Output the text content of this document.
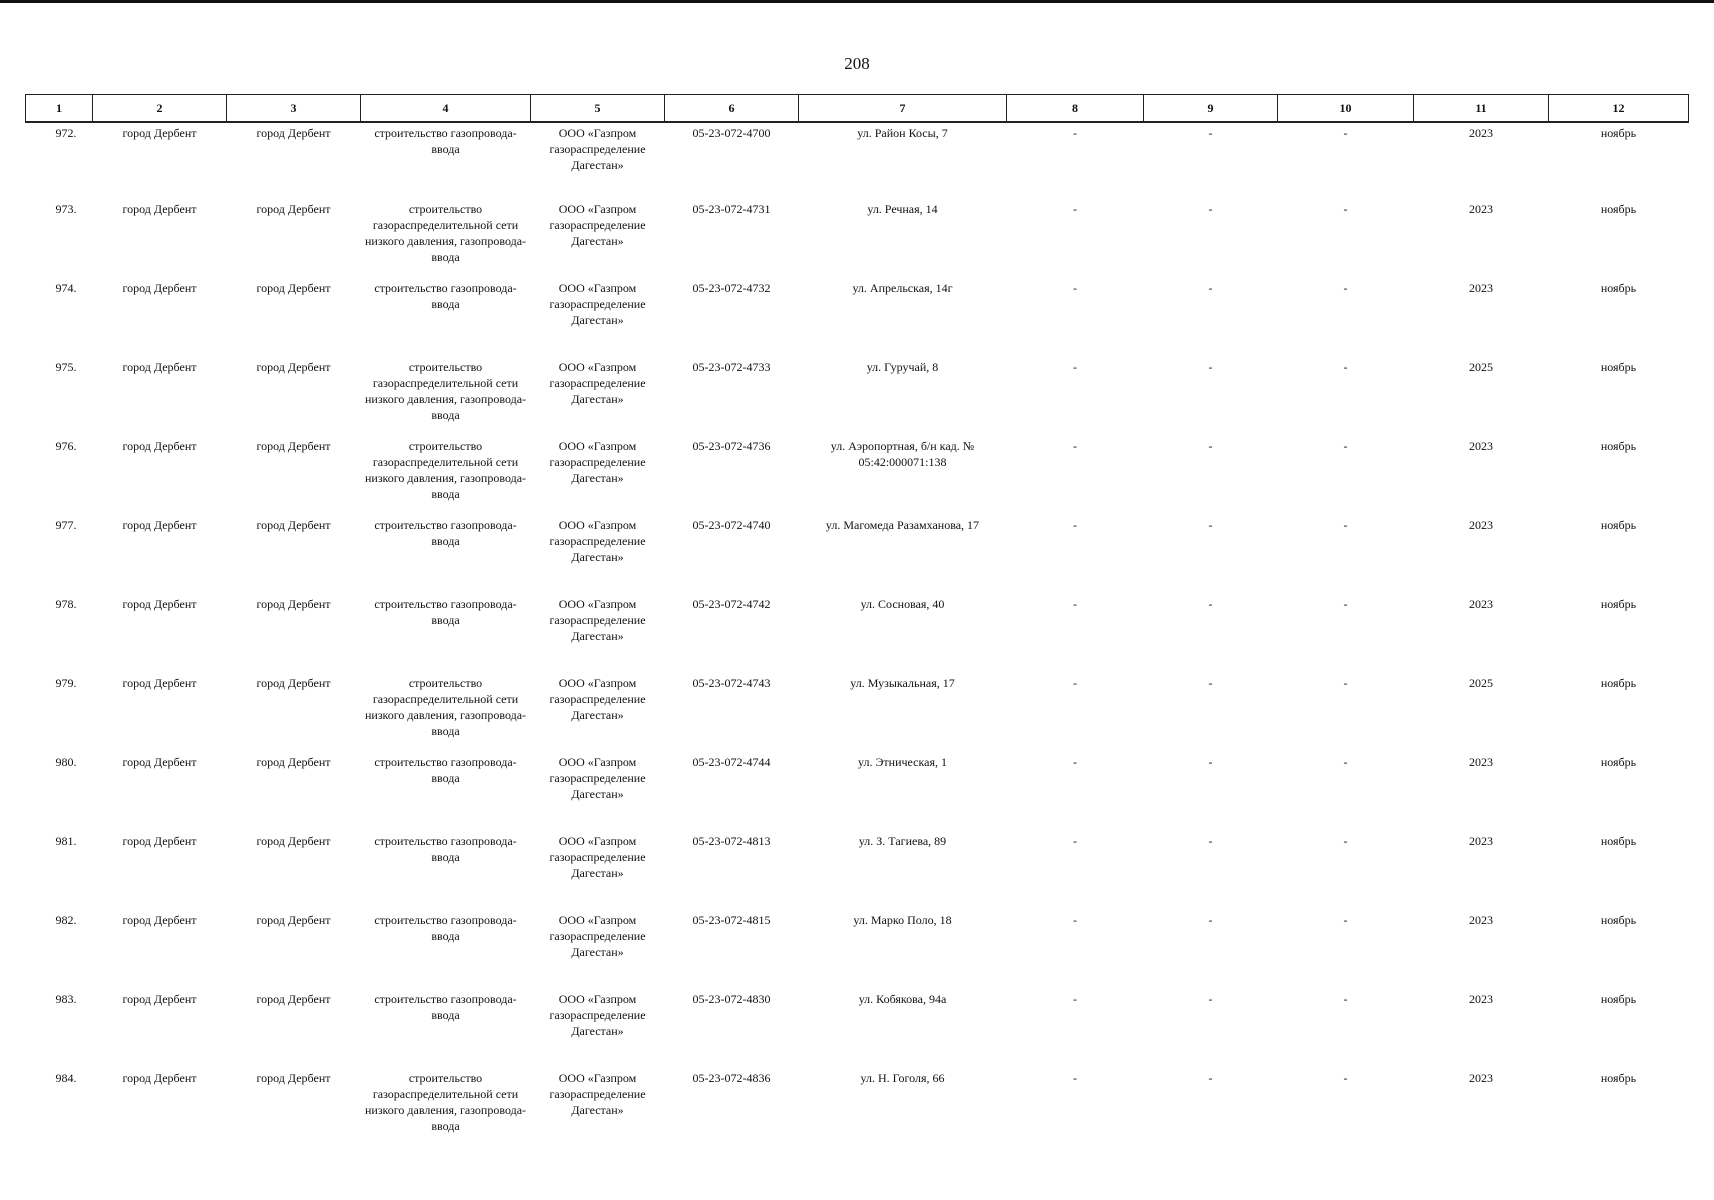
208
1	2	3	4	5	6	7	8	9	10	11	12
972.	город Дербент	город Дербент	строительство газопровода-ввода	ООО «Газпром газораспределение Дагестан»	05-23-072-4700	ул. Район Косы, 7	-	-	-	2023	ноябрь
973.	город Дербент	город Дербент	строительство газораспределительной сети низкого давления, газопровода-ввода	ООО «Газпром газораспределение Дагестан»	05-23-072-4731	ул. Речная, 14	-	-	-	2023	ноябрь
974.	город Дербент	город Дербент	строительство газопровода-ввода	ООО «Газпром газораспределение Дагестан»	05-23-072-4732	ул. Апрельская, 14г	-	-	-	2023	ноябрь
975.	город Дербент	город Дербент	строительство газораспределительной сети низкого давления, газопровода-ввода	ООО «Газпром газораспределение Дагестан»	05-23-072-4733	ул. Гуручай, 8	-	-	-	2025	ноябрь
976.	город Дербент	город Дербент	строительство газораспределительной сети низкого давления, газопровода-ввода	ООО «Газпром газораспределение Дагестан»	05-23-072-4736	ул. Аэропортная, б/н кад. № 05:42:000071:138	-	-	-	2023	ноябрь
977.	город Дербент	город Дербент	строительство газопровода-ввода	ООО «Газпром газораспределение Дагестан»	05-23-072-4740	ул. Магомеда Разамханова, 17	-	-	-	2023	ноябрь
978.	город Дербент	город Дербент	строительство газопровода-ввода	ООО «Газпром газораспределение Дагестан»	05-23-072-4742	ул. Сосновая, 40	-	-	-	2023	ноябрь
979.	город Дербент	город Дербент	строительство газораспределительной сети низкого давления, газопровода-ввода	ООО «Газпром газораспределение Дагестан»	05-23-072-4743	ул. Музыкальная, 17	-	-	-	2025	ноябрь
980.	город Дербент	город Дербент	строительство газопровода-ввода	ООО «Газпром газораспределение Дагестан»	05-23-072-4744	ул. Этническая, 1	-	-	-	2023	ноябрь
981.	город Дербент	город Дербент	строительство газопровода-ввода	ООО «Газпром газораспределение Дагестан»	05-23-072-4813	ул. З. Тагиева, 89	-	-	-	2023	ноябрь
982.	город Дербент	город Дербент	строительство газопровода-ввода	ООО «Газпром газораспределение Дагестан»	05-23-072-4815	ул. Марко Поло, 18	-	-	-	2023	ноябрь
983.	город Дербент	город Дербент	строительство газопровода-ввода	ООО «Газпром газораспределение Дагестан»	05-23-072-4830	ул. Кобякова, 94а	-	-	-	2023	ноябрь
984.	город Дербент	город Дербент	строительство газораспределительной сети низкого давления, газопровода-ввода	ООО «Газпром газораспределение Дагестан»	05-23-072-4836	ул. Н. Гоголя, 66	-	-	-	2023	ноябрь
